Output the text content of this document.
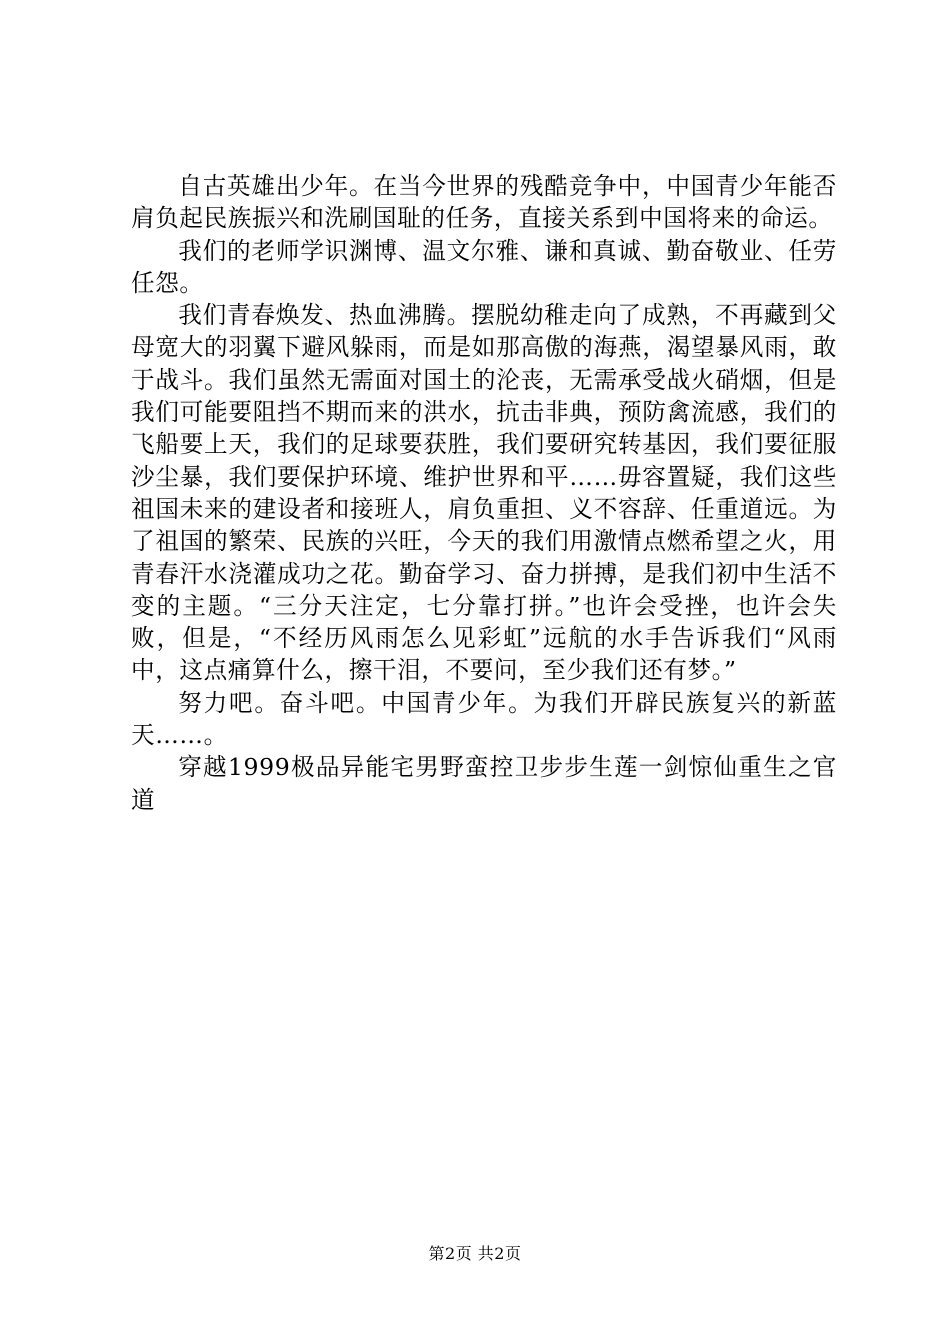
自古英雄出少年。在当今世界的残酷竞争中，中国青少年能否肩负起民族振兴和洗刷国耻的任务，直接关系到中国将来的命运。

我们的老师学识渊博、温文尔雅、谦和真诚、勤奋敬业、任劳任怨。

我们青春焕发、热血沸腾。摆脱幼稚走向了成熟，不再藏到父母宽大的羽翼下避风躲雨，而是如那高傲的海燕，渴望暴风雨，敢于战斗。我们虽然无需面对国土的沦丧，无需承受战火硝烟，但是我们可能要阻挡不期而来的洪水，抗击非典，预防禽流感，我们的飞船要上天，我们的足球要获胜，我们要研究转基因，我们要征服沙尘暴，我们要保护环境、维护世界和平……毋容置疑，我们这些祖国未来的建设者和接班人，肩负重担、义不容辞、任重道远。为了祖国的繁荣、民族的兴旺，今天的我们用激情点燃希望之火，用青春汗水浇灌成功之花。勤奋学习、奋力拼搏，是我们初中生活不变的主题。“三分天注定，七分靠打拼。”也许会受挫，也许会失败，但是，“不经历风雨怎么见彩虹”远航的水手告诉我们“风雨中，这点痛算什么，擦干泪，不要问，至少我们还有梦。”

努力吧。奋斗吧。中国青少年。为我们开辟民族复兴的新蓝天……。

穿越1999极品异能宅男野蛮控卫步步生莲一剑惊仙重生之官道

第2页 共2页
